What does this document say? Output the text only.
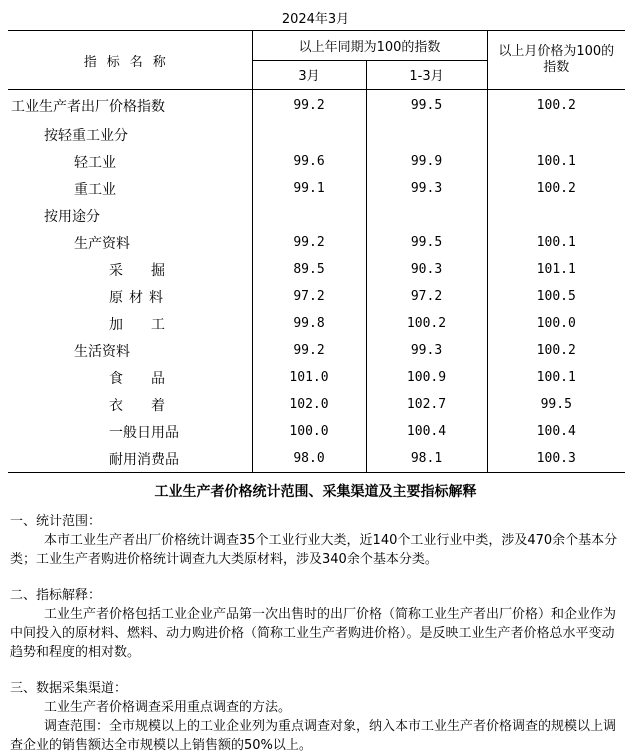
2024年3月
指标名称	以上年同期为100的指数		以上月价格为100的指数
	3月	1-3月	
工业生产者出厂价格指数	99.2	99.5	100.2
按轻重工业分			
轻工业	99.6	99.9	100.1
重工业	99.1	99.3	100.2
按用途分			
生产资料	99.2	99.5	100.1
采掘	89.5	90.3	101.1
原材料	97.2	97.2	100.5
加工	99.8	100.2	100.0
生活资料	99.2	99.3	100.2
食品	101.0	100.9	100.1
衣着	102.0	102.7	99.5
一般日用品	100.0	100.4	100.4
耐用消费品	98.0	98.1	100.3
工业生产者价格统计范围、采集渠道及主要指标解释

一、统计范围：

本市工业生产者出厂价格统计调查35个工业行业大类，近140个工业行业中类，涉及470余个基本分类；工业生产者购进价格统计调查九大类原材料，涉及340余个基本分类。

二、指标解释：

工业生产者价格包括工业企业产品第一次出售时的出厂价格（简称工业生产者出厂价格）和企业作为中间投入的原材料、燃料、动力购进价格（简称工业生产者购进价格）。是反映工业生产者价格总水平变动趋势和程度的相对数。

三、数据采集渠道：

工业生产者价格调查采用重点调查的方法。

调查范围：全市规模以上的工业企业列为重点调查对象，纳入本市工业生产者价格调查的规模以上调查企业的销售额达全市规模以上销售额的50%以上。
